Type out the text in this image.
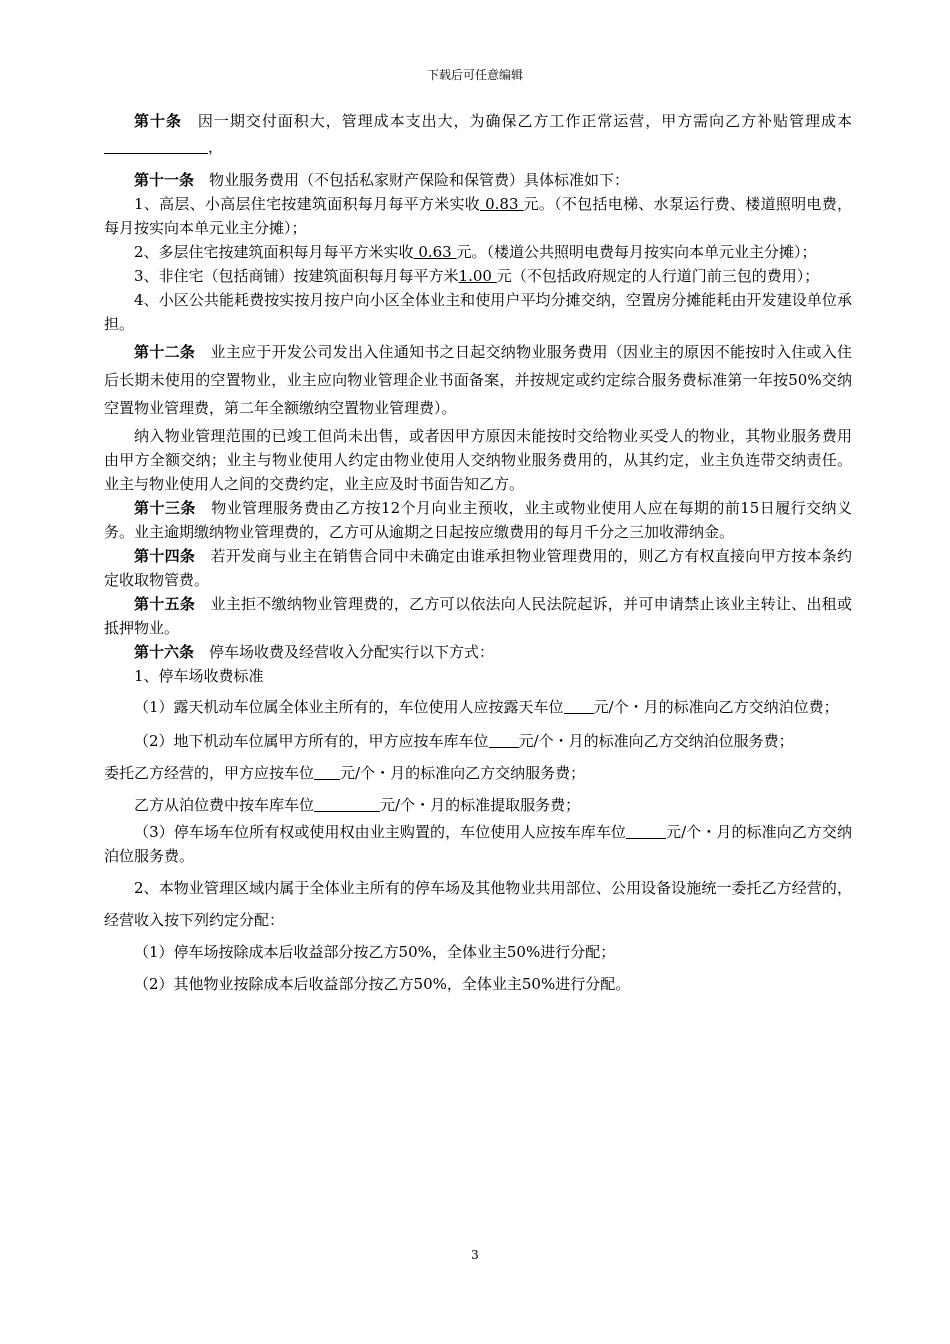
下载后可任意编辑

第十条　 因一期交付面积大，管理成本支出大，为确保乙方工作正常运营，甲方需向乙方补贴管理成本，

第十一条　 物业服务费用（不包括私家财产保险和保管费）具体标准如下：

1、高层、小高层住宅按建筑面积每月每平方米实收 0.83 元。（不包括电梯、水泵运行费、楼道照明电费，每月按实向本单元业主分摊）；

2、多层住宅按建筑面积每月每平方米实收 0.63 元。（楼道公共照明电费每月按实向本单元业主分摊）；

3、非住宅（包括商铺）按建筑面积每月每平方米1.00 元（不包括政府规定的人行道门前三包的费用）；

4、小区公共能耗费按实按月按户向小区全体业主和使用户平均分摊交纳，空置房分摊能耗由开发建设单位承担。

第十二条　 业主应于开发公司发出入住通知书之日起交纳物业服务费用（因业主的原因不能按时入住或入住后长期未使用的空置物业，业主应向物业管理企业书面备案，并按规定或约定综合服务费标准第一年按50%交纳空置物业管理费，第二年全额缴纳空置物业管理费）。

纳入物业管理范围的已竣工但尚未出售，或者因甲方原因未能按时交给物业买受人的物业，其物业服务费用由甲方全额交纳；业主与物业使用人约定由物业使用人交纳物业服务费用的，从其约定，业主负连带交纳责任。业主与物业使用人之间的交费约定，业主应及时书面告知乙方。

第十三条　 物业管理服务费由乙方按12个月向业主预收，业主或物业使用人应在每期的前15日履行交纳义务。业主逾期缴纳物业管理费的，乙方可从逾期之日起按应缴费用的每月千分之三加收滞纳金。

第十四条　 若开发商与业主在销售合同中未确定由谁承担物业管理费用的，则乙方有权直接向甲方按本条约定收取物管费。

第十五条　 业主拒不缴纳物业管理费的，乙方可以依法向人民法院起诉，并可申请禁止该业主转让、出租或抵押物业。

第十六条　 停车场收费及经营收入分配实行以下方式：

1、停车场收费标准

（1）露天机动车位属全体业主所有的，车位使用人应按露天车位 元/个・月的标准向乙方交纳泊位费；

（2）地下机动车位属甲方所有的，甲方应按车库车位 元/个・月的标准向乙方交纳泊位服务费；

委托乙方经营的，甲方应按车位 元/个・月的标准向乙方交纳服务费；

乙方从泊位费中按车库车位	元/个・月的标准提取服务费；

（3）停车场车位所有权或使用权由业主购置的，车位使用人应按车库车位	元/个・月的标准向乙方交纳泊位服务费。

2、本物业管理区域内属于全体业主所有的停车场及其他物业共用部位、公用设备设施统一委托乙方经营的，经营收入按下列约定分配：

（1）停车场按除成本后收益部分按乙方50%，全体业主50%进行分配；

（2）其他物业按除成本后收益部分按乙方50%，全体业主50%进行分配。

3
